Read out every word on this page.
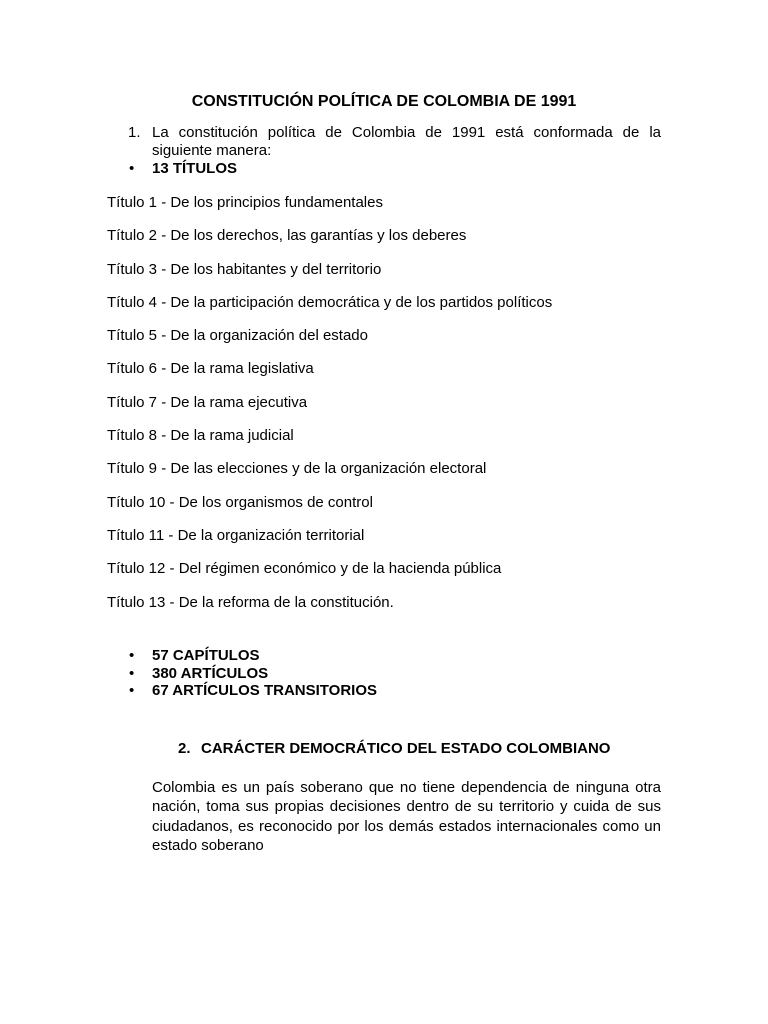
CONSTITUCIÓN POLÍTICA DE COLOMBIA DE 1991
1. La constitución política de Colombia de 1991 está conformada de la siguiente manera:
• 13 TÍTULOS
Título 1 - De los principios fundamentales
Título 2 - De los derechos, las garantías y los deberes
Título 3 - De los habitantes y del territorio
Título 4 - De la participación democrática y de los partidos políticos
Título 5 - De la organización del estado
Título 6 - De la rama legislativa
Título 7 - De la rama ejecutiva
Título 8 - De la rama judicial
Título 9 - De las elecciones y de la organización electoral
Título 10 - De los organismos de control
Título 11 - De la organización territorial
Título 12 - Del régimen económico y de la hacienda pública
Título 13 - De la reforma de la constitución.
• 57 CAPÍTULOS
• 380 ARTÍCULOS
• 67 ARTÍCULOS TRANSITORIOS
2. CARÁCTER DEMOCRÁTICO DEL ESTADO COLOMBIANO
Colombia es un país soberano que no tiene dependencia de ninguna otra nación, toma sus propias decisiones dentro de su territorio y cuida de sus ciudadanos, es reconocido por los demás estados internacionales como un estado soberano
